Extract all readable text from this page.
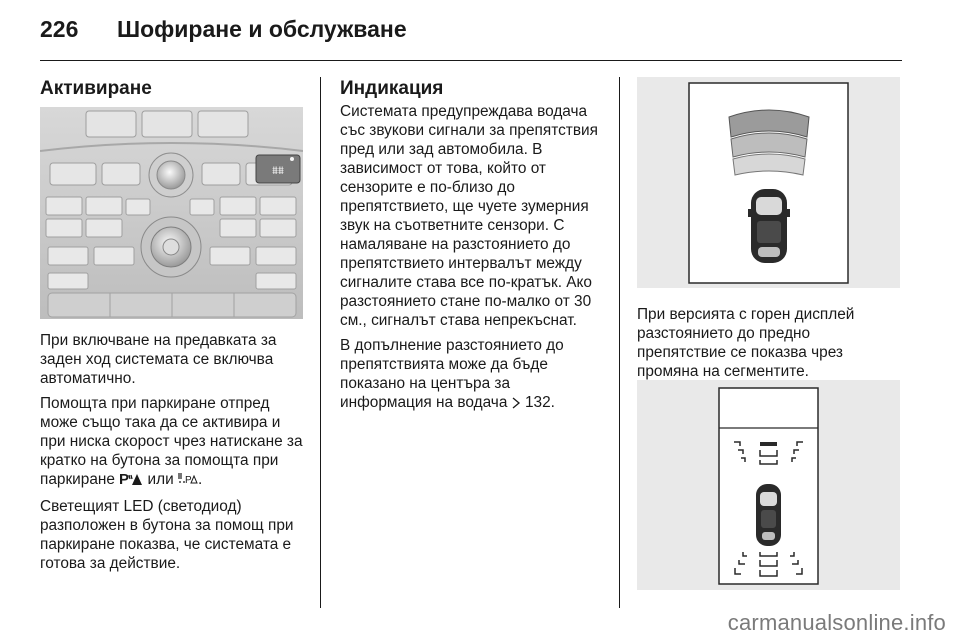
226 Шофиране и обслужване
Активиране
⩩⩩

При включване на предавката за заден ход системата се включва автоматично.

Помощта при паркиране отпред може също така да се активира и при ниска скорост чрез натискане за кратко на бутона за помощта при паркиране P или P .

Светещият LED (светодиод) разположен в бутона за помощ при паркиране показва, че системата е готова за действие.

Индикация

Системата предупреждава водача със звукови сигнали за препятствия пред или зад автомобила. В зависимост от това, който от сензорите е по-близо до препятствието, ще чуете зумерния звук на съответните сензори. С намаляване на разстоянието до препятствието интервалът между сигналите става все по-кратък. Ако разстоянието стане по-малко от 30 см., сигналът става непрекъснат.

В допълнение разстоянието до препятствията може да бъде показано на центъра за информация на водача 132.

При версията с горен дисплей разстоянието до предно препятствие се показва чрез промяна на сегментите.

carmanualsonline.info
